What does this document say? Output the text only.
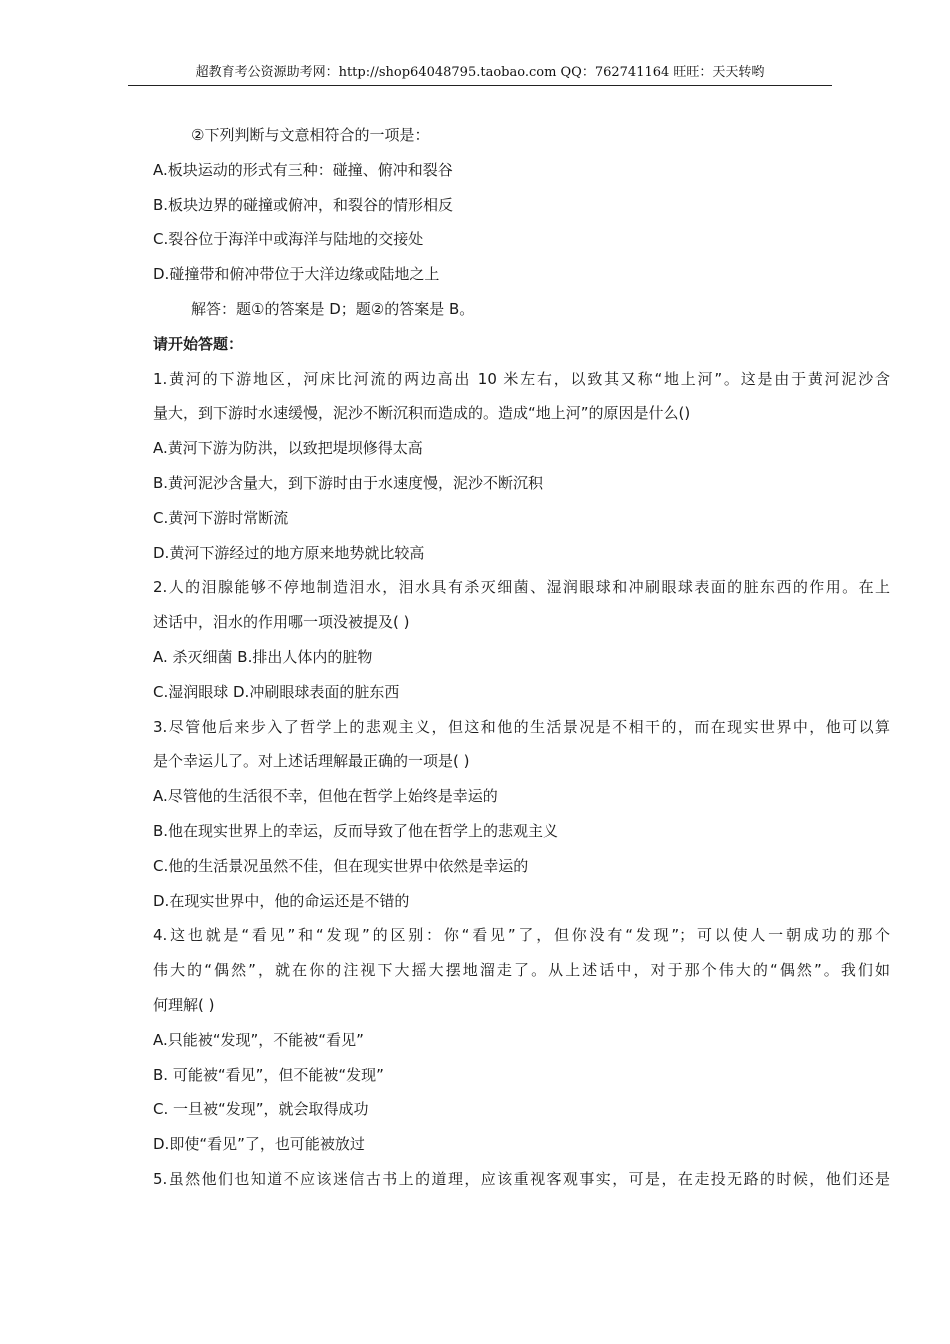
超教育考公资源助考网：http://shop64048795.taobao.com QQ：762741164 旺旺：天天转哟

②下列判断与文意相符合的一项是：

A.板块运动的形式有三种：碰撞、俯冲和裂谷

B.板块边界的碰撞或俯冲，和裂谷的情形相反

C.裂谷位于海洋中或海洋与陆地的交接处

D.碰撞带和俯冲带位于大洋边缘或陆地之上

解答：题①的答案是 D；题②的答案是 B。

请开始答题：

1.黄河的下游地区，河床比河流的两边高出 10 米左右，以致其又称“地上河”。这是由于黄河泥沙含

量大，到下游时水速缓慢，泥沙不断沉积而造成的。造成“地上河”的原因是什么()

A.黄河下游为防洪，以致把堤坝修得太高

B.黄河泥沙含量大，到下游时由于水速度慢，泥沙不断沉积

C.黄河下游时常断流

D.黄河下游经过的地方原来地势就比较高

2.人的泪腺能够不停地制造泪水，泪水具有杀灭细菌、湿润眼球和冲刷眼球表面的脏东西的作用。在上

述话中，泪水的作用哪一项没被提及( )

A. 杀灭细菌 B.排出人体内的脏物

C.湿润眼球 D.冲刷眼球表面的脏东西

3.尽管他后来步入了哲学上的悲观主义，但这和他的生活景况是不相干的，而在现实世界中，他可以算

是个幸运儿了。对上述话理解最正确的一项是( )

A.尽管他的生活很不幸，但他在哲学上始终是幸运的

B.他在现实世界上的幸运，反而导致了他在哲学上的悲观主义

C.他的生活景况虽然不佳，但在现实世界中依然是幸运的

D.在现实世界中，他的命运还是不错的

4.这也就是“看见”和“发现”的区别：你“看见”了，但你没有“发现”；可以使人一朝成功的那个

伟大的“偶然”，就在你的注视下大摇大摆地溜走了。从上述话中，对于那个伟大的“偶然”。我们如

何理解( )

A.只能被“发现”，不能被“看见”

B. 可能被“看见”，但不能被“发现”

C. 一旦被“发现”，就会取得成功

D.即使“看见”了，也可能被放过

5.虽然他们也知道不应该迷信古书上的道理，应该重视客观事实，可是，在走投无路的时候，他们还是
